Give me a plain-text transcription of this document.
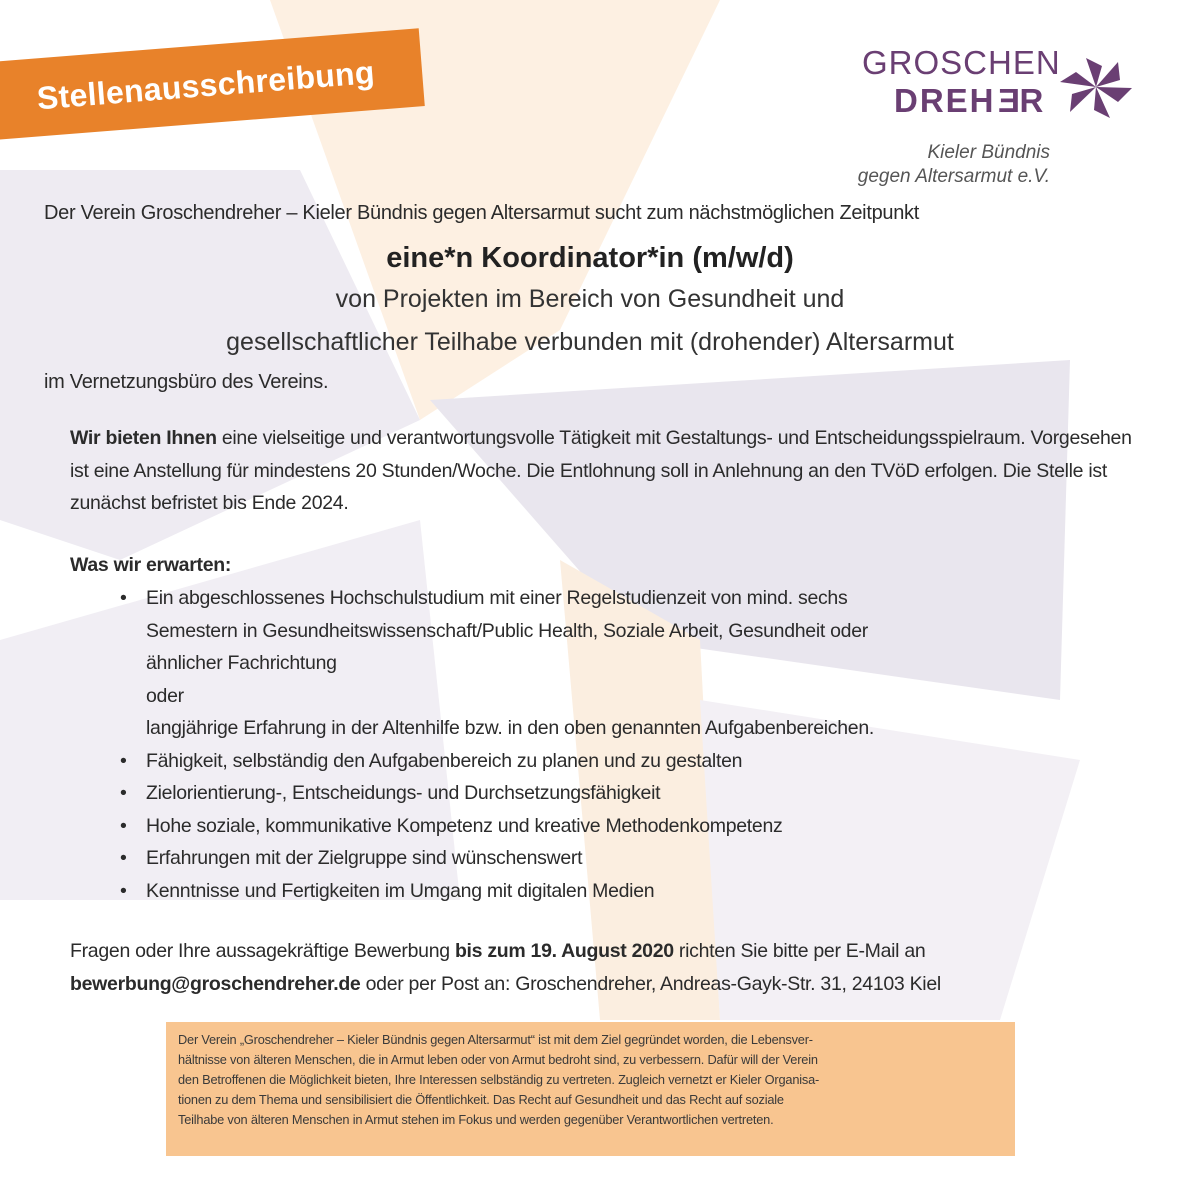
Stellenausschreibung	GROSCHEN
DREHER
Kieler Bündnis
gegen Altersarmut e.V.
Der Verein Groschendreher – Kieler Bündnis gegen Altersarmut sucht zum nächstmöglichen Zeitpunkt
eine*n Koordinator*in (m/w/d)
von Projekten im Bereich von Gesundheit und
gesellschaftlicher Teilhabe verbunden mit (drohender) Altersarmut
im Vernetzungsbüro des Vereins.
Wir bieten Ihnen eine vielseitige und verantwortungsvolle Tätigkeit mit Gestaltungs- und Entscheidungsspielraum. Vorgesehen ist eine Anstellung für mindestens 20 Stunden/Woche. Die Entlohnung soll in Anlehnung an den TVöD erfolgen. Die Stelle ist zunächst befristet bis Ende 2024.
Was wir erwarten:
• Ein abgeschlossenes Hochschulstudium mit einer Regelstudienzeit von mind. sechs
Semestern in Gesundheitswissenschaft/Public Health, Soziale Arbeit, Gesundheit oder
ähnlicher Fachrichtung
oder
langjährige Erfahrung in der Altenhilfe bzw. in den oben genannten Aufgabenbereichen.
• Fähigkeit, selbständig den Aufgabenbereich zu planen und zu gestalten
• Zielorientierung-, Entscheidungs- und Durchsetzungsfähigkeit
• Hohe soziale, kommunikative Kompetenz und kreative Methodenkompetenz
• Erfahrungen mit der Zielgruppe sind wünschenswert
• Kenntnisse und Fertigkeiten im Umgang mit digitalen Medien
Fragen oder Ihre aussagekräftige Bewerbung bis zum 19. August 2020 richten Sie bitte per E-Mail an
bewerbung@groschendreher.de oder per Post an: Groschendreher, Andreas-Gayk-Str. 31, 24103 Kiel
Der Verein „Groschendreher – Kieler Bündnis gegen Altersarmut“ ist mit dem Ziel gegründet worden, die Lebensver-
hältnisse von älteren Menschen, die in Armut leben oder von Armut bedroht sind, zu verbessern. Dafür will der Verein
den Betroffenen die Möglichkeit bieten, Ihre Interessen selbständig zu vertreten. Zugleich vernetzt er Kieler Organisa-
tionen zu dem Thema und sensibilisiert die Öffentlichkeit. Das Recht auf Gesundheit und das Recht auf soziale
Teilhabe von älteren Menschen in Armut stehen im Fokus und werden gegenüber Verantwortlichen vertreten.
